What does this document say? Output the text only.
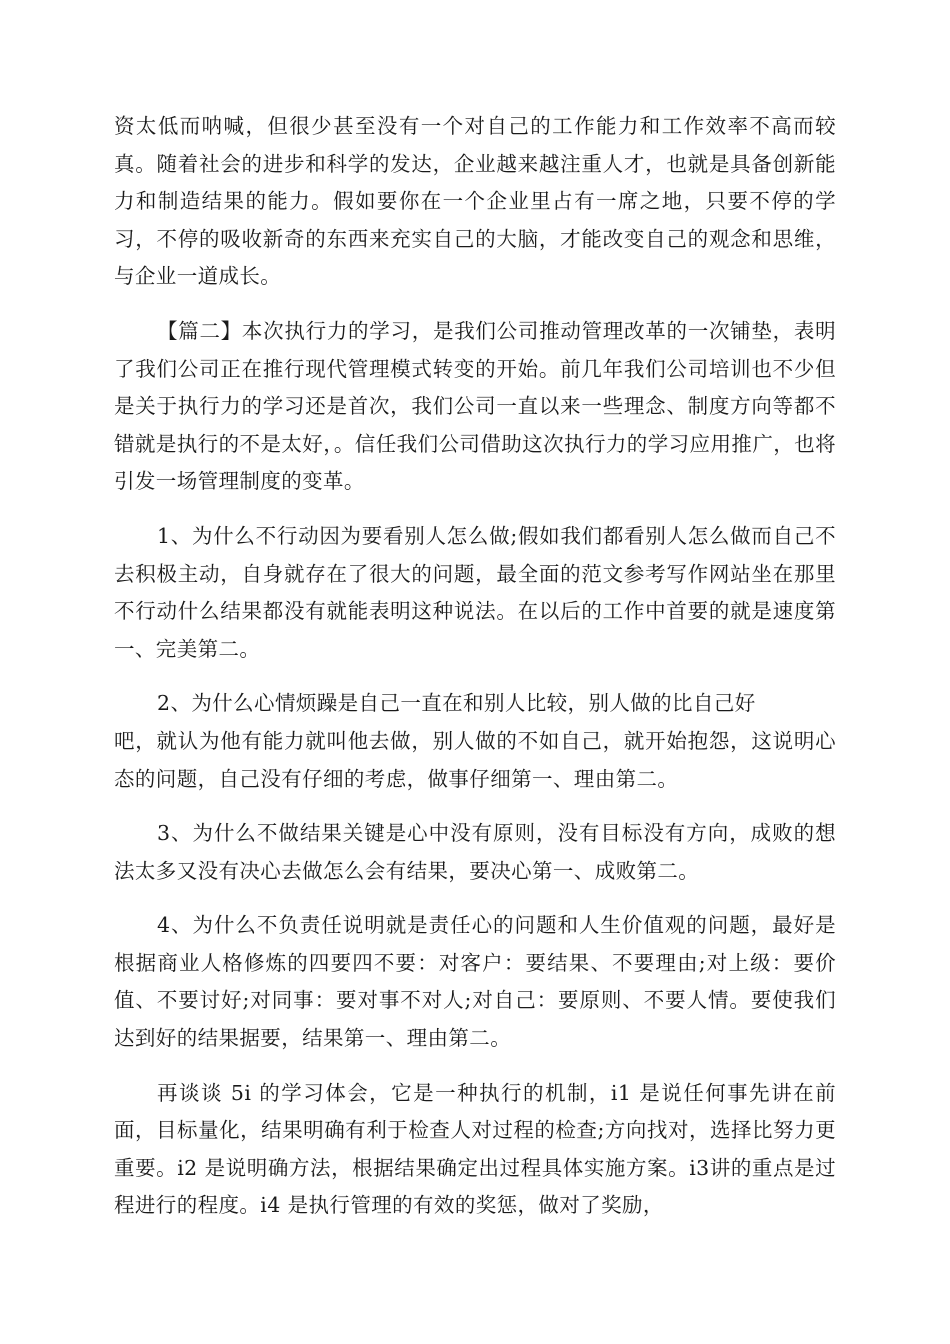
资太低而呐喊，但很少甚至没有一个对自己的工作能力和工作效率不高而较真。随着社会的进步和科学的发达，企业越来越注重人才，也就是具备创新能力和制造结果的能力。假如要你在一个企业里占有一席之地，只要不停的学习，不停的吸收新奇的东西来充实自己的大脑，才能改变自己的观念和思维，与企业一道成长。

【篇二】本次执行力的学习，是我们公司推动管理改革的一次铺垫，表明了我们公司正在推行现代管理模式转变的开始。前几年我们公司培训也不少但是关于执行力的学习还是首次，我们公司一直以来一些理念、制度方向等都不错就是执行的不是太好，。信任我们公司借助这次执行力的学习应用推广，也将引发一场管理制度的变革。

1、为什么不行动因为要看别人怎么做;假如我们都看别人怎么做而自己不去积极主动，自身就存在了很大的问题，最全面的范文参考写作网站坐在那里不行动什么结果都没有就能表明这种说法。在以后的工作中首要的就是速度第一、完美第二。

2、为什么心情烦躁是自己一直在和别人比较，别人做的比自己好
吧，就认为他有能力就叫他去做，别人做的不如自己，就开始抱怨，这说明心态的问题，自己没有仔细的考虑，做事仔细第一、理由第二。

3、为什么不做结果关键是心中没有原则，没有目标没有方向，成败的想法太多又没有决心去做怎么会有结果，要决心第一、成败第二。

4、为什么不负责任说明就是责任心的问题和人生价值观的问题，最好是根据商业人格修炼的四要四不要：对客户：要结果、不要理由;对上级：要价值、不要讨好;对同事：要对事不对人;对自己：要原则、不要人情。要使我们达到好的结果据要，结果第一、理由第二。

再谈谈 5i 的学习体会，它是一种执行的机制，i1 是说任何事先讲在前面，目标量化，结果明确有利于检查人对过程的检查;方向找对，选择比努力更重要。i2 是说明确方法，根据结果确定出过程具体实施方案。i3讲的重点是过程进行的程度。i4 是执行管理的有效的奖惩，做对了奖励，
